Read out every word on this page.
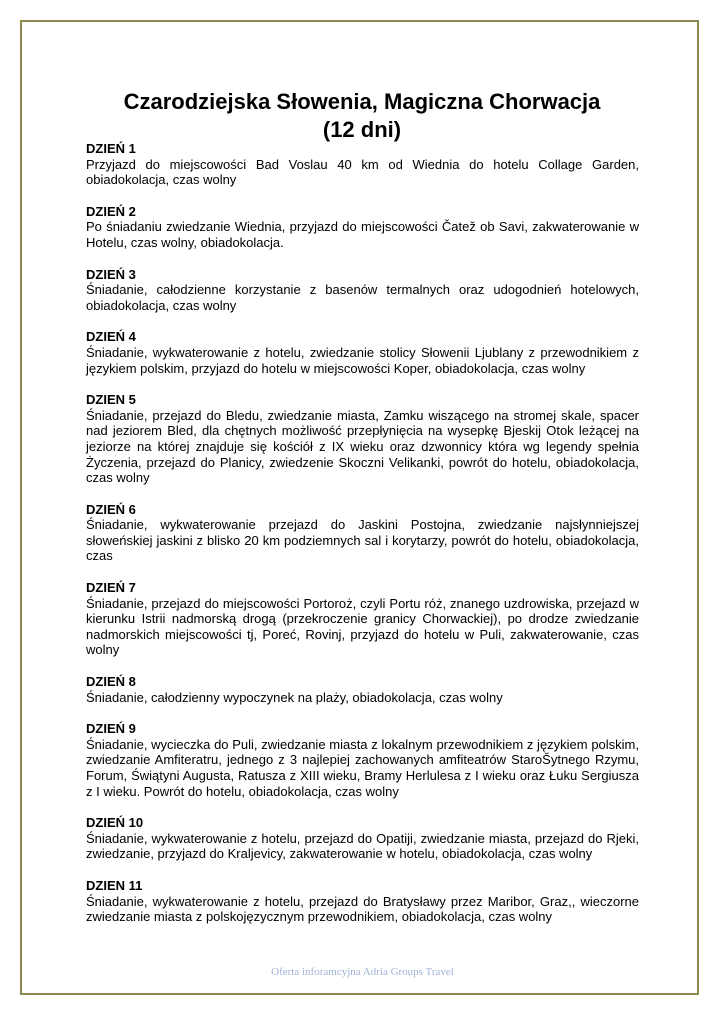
Czarodziejska Słowenia, Magiczna Chorwacja
(12 dni)
DZIEŃ 1
Przyjazd do miejscowości Bad Voslau 40 km od Wiednia do hotelu Collage Garden, obiadokolacja, czas wolny
DZIEŃ 2
Po śniadaniu zwiedzanie Wiednia, przyjazd do miejscowości Čatež ob Savi, zakwaterowanie w Hotelu, czas wolny, obiadokolacja.
DZIEŃ 3
Śniadanie, całodzienne korzystanie z basenów termalnych oraz udogodnień hotelowych, obiadokolacja, czas wolny
DZIEŃ 4
Śniadanie, wykwaterowanie z hotelu, zwiedzanie stolicy Słowenii Ljublany z przewodnikiem z językiem polskim, przyjazd do hotelu w miejscowości Koper, obiadokolacja, czas wolny
DZIEN 5
Śniadanie, przejazd do Bledu, zwiedzanie miasta, Zamku wiszącego na stromej skale, spacer nad jeziorem Bled, dla chętnych możliwość przepłynięcia na wysepkę Bjeskij Otok leżącej na jeziorze na której znajduje się kościół z IX wieku oraz dzwonnicy która wg legendy spełnia Życzenia, przejazd do Planicy, zwiedzenie Skoczni Velikanki, powrót do hotelu, obiadokolacja, czas wolny
DZIEŃ 6
Śniadanie, wykwaterowanie przejazd do Jaskini Postojna, zwiedzanie najsłynniejszej słoweńskiej jaskini z blisko 20 km podziemnych sal i korytarzy, powrót do hotelu, obiadokolacja, czas
DZIEŃ 7
Śniadanie, przejazd do miejscowości Portoroż, czyli Portu róż, znanego uzdrowiska, przejazd w kierunku Istrii nadmorską drogą (przekroczenie granicy Chorwackiej), po drodze zwiedzanie nadmorskich miejscowości tj, Poreć, Rovinj, przyjazd do hotelu w Puli, zakwaterowanie, czas wolny
DZIEŃ 8
Śniadanie, całodzienny wypoczynek na plaży, obiadokolacja, czas wolny
DZIEŃ 9
Śniadanie, wycieczka do Puli, zwiedzanie miasta z lokalnym przewodnikiem z językiem polskim, zwiedzanie Amfiteratru, jednego z 3 najlepiej zachowanych amfiteatrów StaroŠytnego Rzymu, Forum, Świątyni Augusta, Ratusza z XIII wieku, Bramy Herlulesa z I wieku oraz Łuku Sergiusza z I wieku. Powrót do hotelu, obiadokolacja, czas wolny
DZIEŃ 10
Śniadanie, wykwaterowanie z hotelu, przejazd do Opatiji, zwiedzanie miasta, przejazd do Rjeki, zwiedzanie, przyjazd do Kraljevicy, zakwaterowanie w hotelu, obiadokolacja, czas wolny
DZIEN 11
Śniadanie, wykwaterowanie z hotelu, przejazd do Bratysławy przez Maribor, Graz,, wieczorne zwiedzanie miasta z polskojęzycznym przewodnikiem, obiadokolacja, czas wolny
Oferta inforamcyjna Adria Groups Travel
